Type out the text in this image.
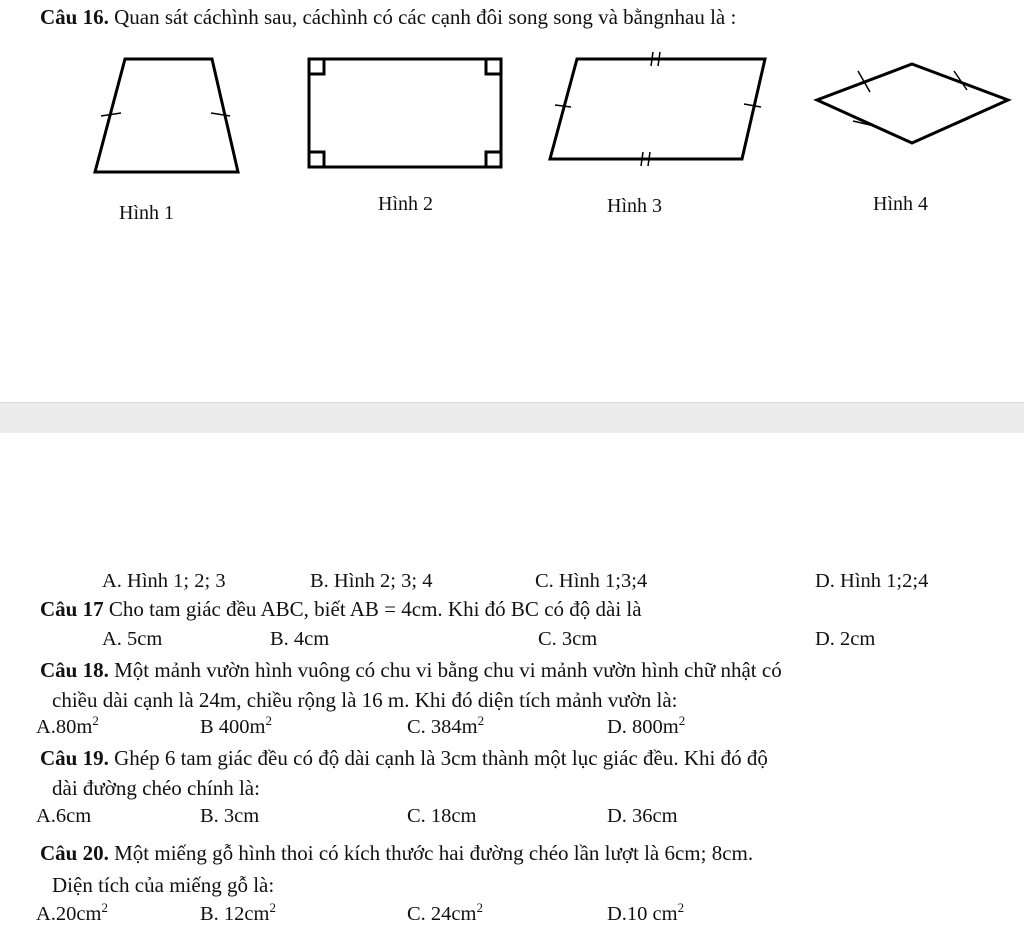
Câu 16. Quan sát cáchình sau, cáchình có các cạnh đôi song song và bằngnhau là :
Hình 1	Hình 2	Hình 3	Hình 4
A. Hình 1; 2; 3	B. Hình 2; 3; 4	C. Hình 1;3;4	D. Hình 1;2;4
Câu 17 Cho tam giác đều ABC, biết AB = 4cm. Khi đó BC có độ dài là
A. 5cm	B. 4cm	C. 3cm	D. 2cm
Câu 18. Một mảnh vườn hình vuông có chu vi bằng chu vi mảnh vườn hình chữ nhật có
chiều dài cạnh là 24m, chiều rộng là 16 m. Khi đó diện tích mảnh vườn là:
$A.80m^2$	B $400m^2$	C. $384m^2$	D. $800m^2$
Câu 19. Ghép 6 tam giác đều có độ dài cạnh là 3cm thành một lục giác đều. Khi đó độ
dài đường chéo chính là:
A.6cm	B. 3cm	C. 18cm	D. 36cm
Câu 20. Một miếng gỗ hình thoi có kích thước hai đường chéo lần lượt là 6cm; 8cm.
Diện tích của miếng gỗ là:
$A.20cm^2$	B. $12cm^2$	C. $24cm^2$	D.10 $cm^2$
